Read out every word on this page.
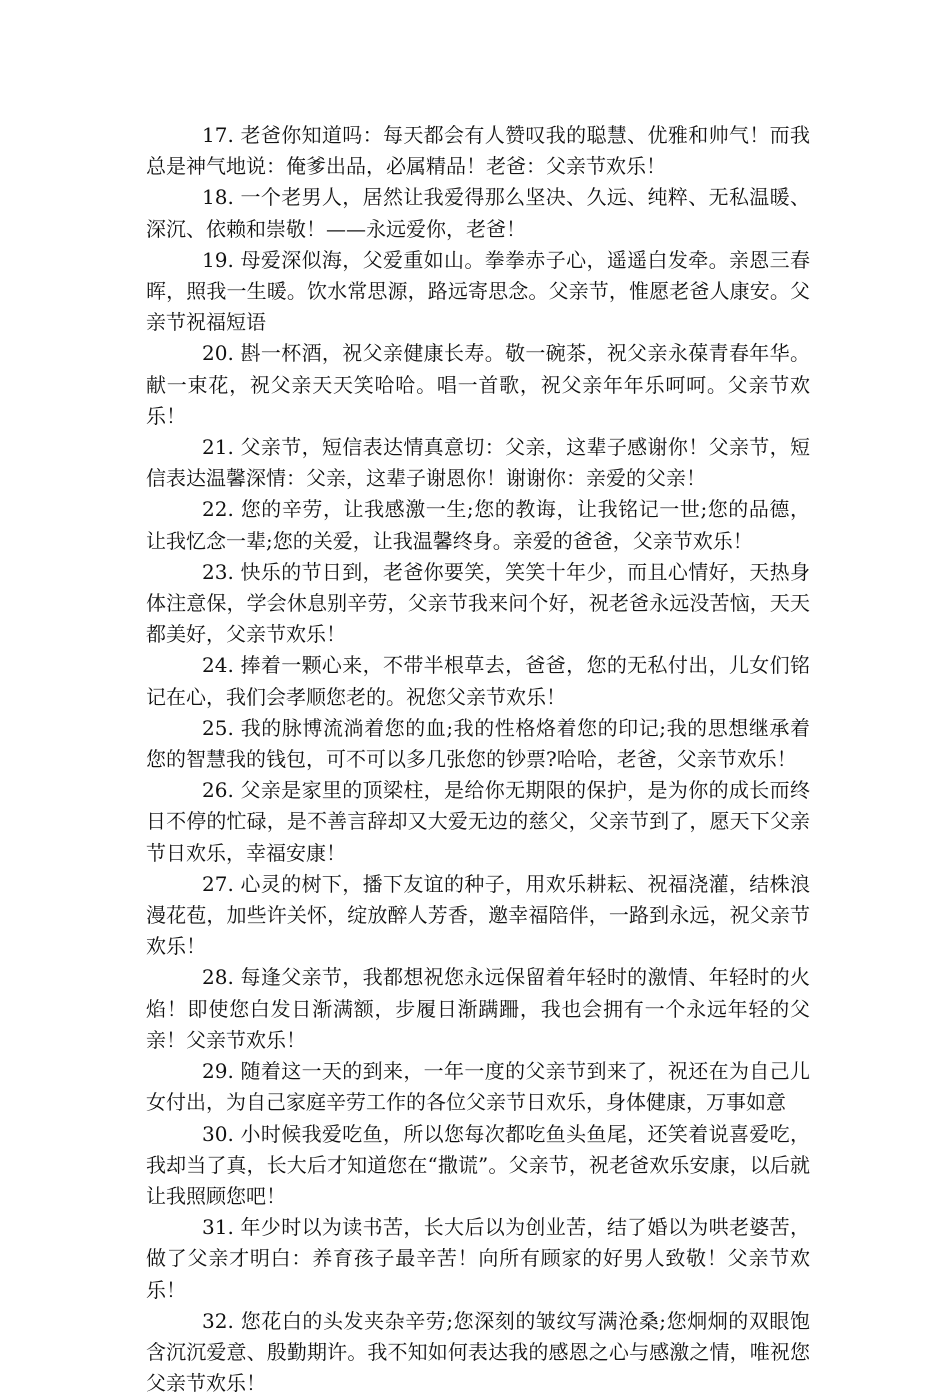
17. 老爸你知道吗：每天都会有人赞叹我的聪慧、优雅和帅气！而我总是神气地说：俺爹出品，必属精品！老爸：父亲节欢乐！

18. 一个老男人，居然让我爱得那么坚决、久远、纯粹、无私温暖、深沉、依赖和崇敬！——永远爱你，老爸！

19. 母爱深似海，父爱重如山。拳拳赤子心，遥遥白发牵。亲恩三春晖，照我一生暖。饮水常思源，路远寄思念。父亲节，惟愿老爸人康安。父亲节祝福短语

20. 斟一杯酒，祝父亲健康长寿。敬一碗茶，祝父亲永葆青春年华。献一束花，祝父亲天天笑哈哈。唱一首歌，祝父亲年年乐呵呵。父亲节欢乐！

21. 父亲节，短信表达情真意切：父亲，这辈子感谢你！父亲节，短信表达温馨深情：父亲，这辈子谢恩你！谢谢你：亲爱的父亲！

22. 您的辛劳，让我感激一生;您的教诲，让我铭记一世;您的品德，让我忆念一辈;您的关爱，让我温馨终身。亲爱的爸爸，父亲节欢乐！

23. 快乐的节日到，老爸你要笑，笑笑十年少，而且心情好，天热身体注意保，学会休息别辛劳，父亲节我来问个好，祝老爸永远没苦恼，天天都美好，父亲节欢乐！

24. 捧着一颗心来，不带半根草去，爸爸，您的无私付出，儿女们铭记在心，我们会孝顺您老的。祝您父亲节欢乐！

25. 我的脉博流淌着您的血;我的性格烙着您的印记;我的思想继承着您的智慧我的钱包，可不可以多几张您的钞票?哈哈，老爸，父亲节欢乐！

26. 父亲是家里的顶梁柱，是给你无期限的保护，是为你的成长而终日不停的忙碌，是不善言辞却又大爱无边的慈父，父亲节到了，愿天下父亲节日欢乐，幸福安康！

27. 心灵的树下，播下友谊的种子，用欢乐耕耘、祝福浇灌，结株浪漫花苞，加些许关怀，绽放醉人芳香，邀幸福陪伴，一路到永远，祝父亲节欢乐！

28. 每逢父亲节，我都想祝您永远保留着年轻时的激情、年轻时的火焰！即使您白发日渐满额，步履日渐蹒跚，我也会拥有一个永远年轻的父亲！父亲节欢乐！

29. 随着这一天的到来，一年一度的父亲节到来了，祝还在为自己儿女付出，为自己家庭辛劳工作的各位父亲节日欢乐，身体健康，万事如意

30. 小时候我爱吃鱼，所以您每次都吃鱼头鱼尾，还笑着说喜爱吃，我却当了真，长大后才知道您在“撒谎”。父亲节，祝老爸欢乐安康，以后就让我照顾您吧！

31. 年少时以为读书苦，长大后以为创业苦，结了婚以为哄老婆苦，做了父亲才明白：养育孩子最辛苦！向所有顾家的好男人致敬！父亲节欢乐！

32. 您花白的头发夹杂辛劳;您深刻的皱纹写满沧桑;您炯炯的双眼饱含沉沉爱意、殷勤期许。我不知如何表达我的感恩之心与感激之情，唯祝您父亲节欢乐！
